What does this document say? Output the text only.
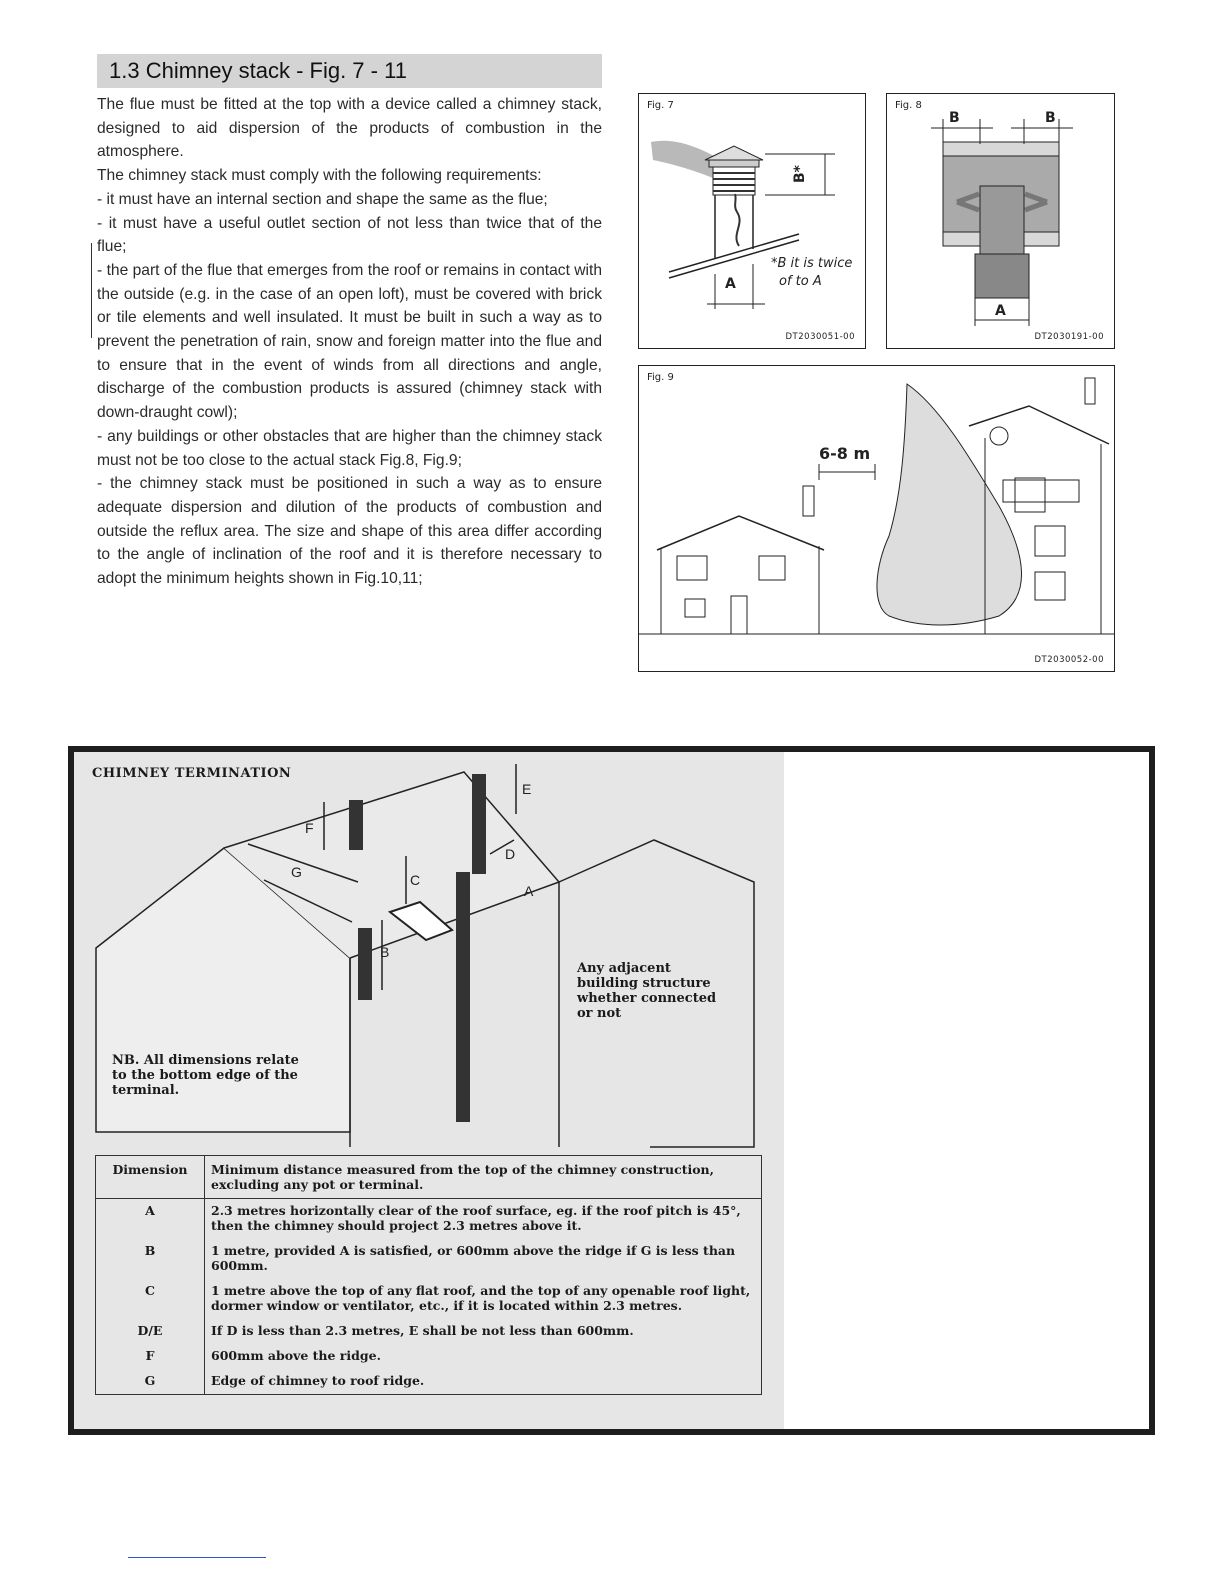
1.3 Chimney stack - Fig. 7 - 11

The flue must be fitted at the top with a device called a chimney stack, designed to aid dispersion of the products of combustion in the atmosphere.

The chimney stack must comply with the following requirements:

- it must have an internal section and shape the same as the flue;

- it must have a useful outlet section of not less than twice that of the flue;

- the part of the flue that emerges from the roof or remains in contact with the outside (e.g. in the case of an open loft), must be covered with brick or tile elements and well insulated. It must be built in such a way as to prevent the penetration of rain, snow and foreign matter into the flue and to ensure that in the event of winds from all directions and angle, discharge of the combustion products is assured (chimney stack with down-draught cowl);

- any buildings or other obstacles that are higher than the chimney stack must not be too close to the actual stack Fig.8, Fig.9;

- the chimney stack must be positioned in such a way as to ensure adequate dispersion and dilution of the products of combustion and outside the reflux area. The size and shape of this area differ according to the angle of inclination of the roof and it is therefore necessary to adopt the minimum heights shown in Fig.10,11;

Fig. 7
A
B*
*B it is twice
of to A
DT2030051-00
Fig. 8
B	B
A
DT2030191-00
Fig. 9
6-8 m
DT2030052-00
CHIMNEY TERMINATION
A
B
C
D
E
F
G
Any adjacent
building structure
whether connected
or not
NB. All dimensions relate
to the bottom edge of the
terminal.
Dimension	Minimum distance measured from the top of the chimney construction, excluding any pot or terminal.
A	2.3 metres horizontally clear of the roof surface, eg. if the roof pitch is 45°, then the chimney should project 2.3 metres above it.
B	1 metre, provided A is satisfied, or 600mm above the ridge if G is less than 600mm.
C	1 metre above the top of any flat roof, and the top of any openable roof light, dormer window or ventilator, etc., if it is located within 2.3 metres.
D/E	If D is less than 2.3 metres, E shall be not less than 600mm.
F	600mm above the ridge.
G	Edge of chimney to roof ridge.
